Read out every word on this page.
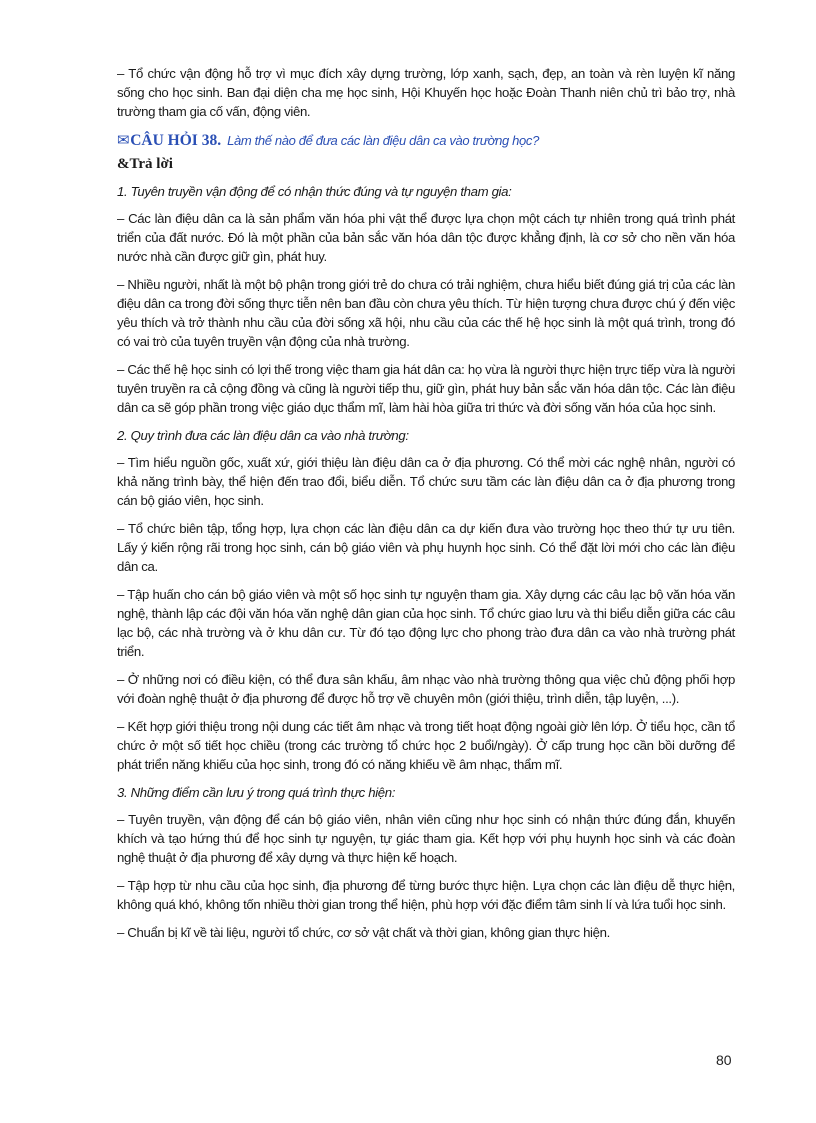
– Tổ chức vận động hỗ trợ vì mục đích xây dựng trường, lớp xanh, sạch, đẹp, an toàn và rèn luyện kĩ năng sống cho học sinh. Ban đại diện cha mẹ học sinh, Hội Khuyến học hoặc Đoàn Thanh niên chủ trì bảo trợ, nhà trường tham gia cố vấn, động viên.

✉CÂU HỎI 38. Làm thế nào để đưa các làn điệu dân ca vào trường học?
&Trả lời
1. Tuyên truyền vận động để có nhận thức đúng và tự nguyện tham gia:

– Các làn điệu dân ca là sản phẩm văn hóa phi vật thể được lựa chọn một cách tự nhiên trong quá trình phát triển của đất nước. Đó là một phần của bản sắc văn hóa dân tộc được khẳng định, là cơ sở cho nền văn hóa nước nhà cần được giữ gìn, phát huy.

– Nhiều người, nhất là một bộ phận trong giới trẻ do chưa có trải nghiệm, chưa hiểu biết đúng giá trị của các làn điệu dân ca trong đời sống thực tiễn nên ban đầu còn chưa yêu thích. Từ hiện tượng chưa được chú ý đến việc yêu thích và trở thành nhu cầu của đời sống xã hội, nhu cầu của các thế hệ học sinh là một quá trình, trong đó có vai trò của tuyên truyền vận động của nhà trường.

– Các thế hệ học sinh có lợi thế trong việc tham gia hát dân ca: họ vừa là người thực hiện trực tiếp vừa là người tuyên truyền ra cả cộng đồng và cũng là người tiếp thu, giữ gìn, phát huy bản sắc văn hóa dân tộc. Các làn điệu dân ca sẽ góp phần trong việc giáo dục thẩm mĩ, làm hài hòa giữa tri thức và đời sống văn hóa của học sinh.

2. Quy trình đưa các làn điệu dân ca vào nhà trường:

– Tìm hiểu nguồn gốc, xuất xứ, giới thiệu làn điệu dân ca ở địa phương. Có thể mời các nghệ nhân, người có khả năng trình bày, thể hiện đến trao đổi, biểu diễn. Tổ chức sưu tầm các làn điệu dân ca ở địa phương trong cán bộ giáo viên, học sinh.

– Tổ chức biên tập, tổng hợp, lựa chọn các làn điệu dân ca dự kiến đưa vào trường học theo thứ tự ưu tiên. Lấy ý kiến rộng rãi trong học sinh, cán bộ giáo viên và phụ huynh học sinh. Có thể đặt lời mới cho các làn điệu dân ca.

– Tập huấn cho cán bộ giáo viên và một số học sinh tự nguyện tham gia. Xây dựng các câu lạc bộ văn hóa văn nghệ, thành lập các đội văn hóa văn nghệ dân gian của học sinh. Tổ chức giao lưu và thi biểu diễn giữa các câu lạc bộ, các nhà trường và ở khu dân cư. Từ đó tạo động lực cho phong trào đưa dân ca vào nhà trường phát triển.

– Ở những nơi có điều kiện, có thể đưa sân khấu, âm nhạc vào nhà trường thông qua việc chủ động phối hợp với đoàn nghệ thuật ở địa phương để được hỗ trợ về chuyên môn (giới thiệu, trình diễn, tập luyện, ...).

– Kết hợp giới thiệu trong nội dung các tiết âm nhạc và trong tiết hoạt động ngoài giờ lên lớp. Ở tiểu học, cần tổ chức ở một số tiết học chiều (trong các trường tổ chức học 2 buổi/ngày). Ở cấp trung học cần bồi dưỡng để phát triển năng khiếu của học sinh, trong đó có năng khiếu về âm nhạc, thẩm mĩ.

3. Những điểm cần lưu ý trong quá trình thực hiện:

– Tuyên truyền, vận động để cán bộ giáo viên, nhân viên cũng như học sinh có nhận thức đúng đắn, khuyến khích và tạo hứng thú để học sinh tự nguyện, tự giác tham gia. Kết hợp với phụ huynh học sinh và các đoàn nghệ thuật ở địa phương để xây dựng và thực hiện kế hoạch.

– Tập hợp từ nhu cầu của học sinh, địa phương để từng bước thực hiện. Lựa chọn các làn điệu dễ thực hiện, không quá khó, không tốn nhiều thời gian trong thể hiện, phù hợp với đặc điểm tâm sinh lí và lứa tuổi học sinh.

– Chuẩn bị kĩ về tài liệu, người tổ chức, cơ sở vật chất và thời gian, không gian thực hiện.

80
